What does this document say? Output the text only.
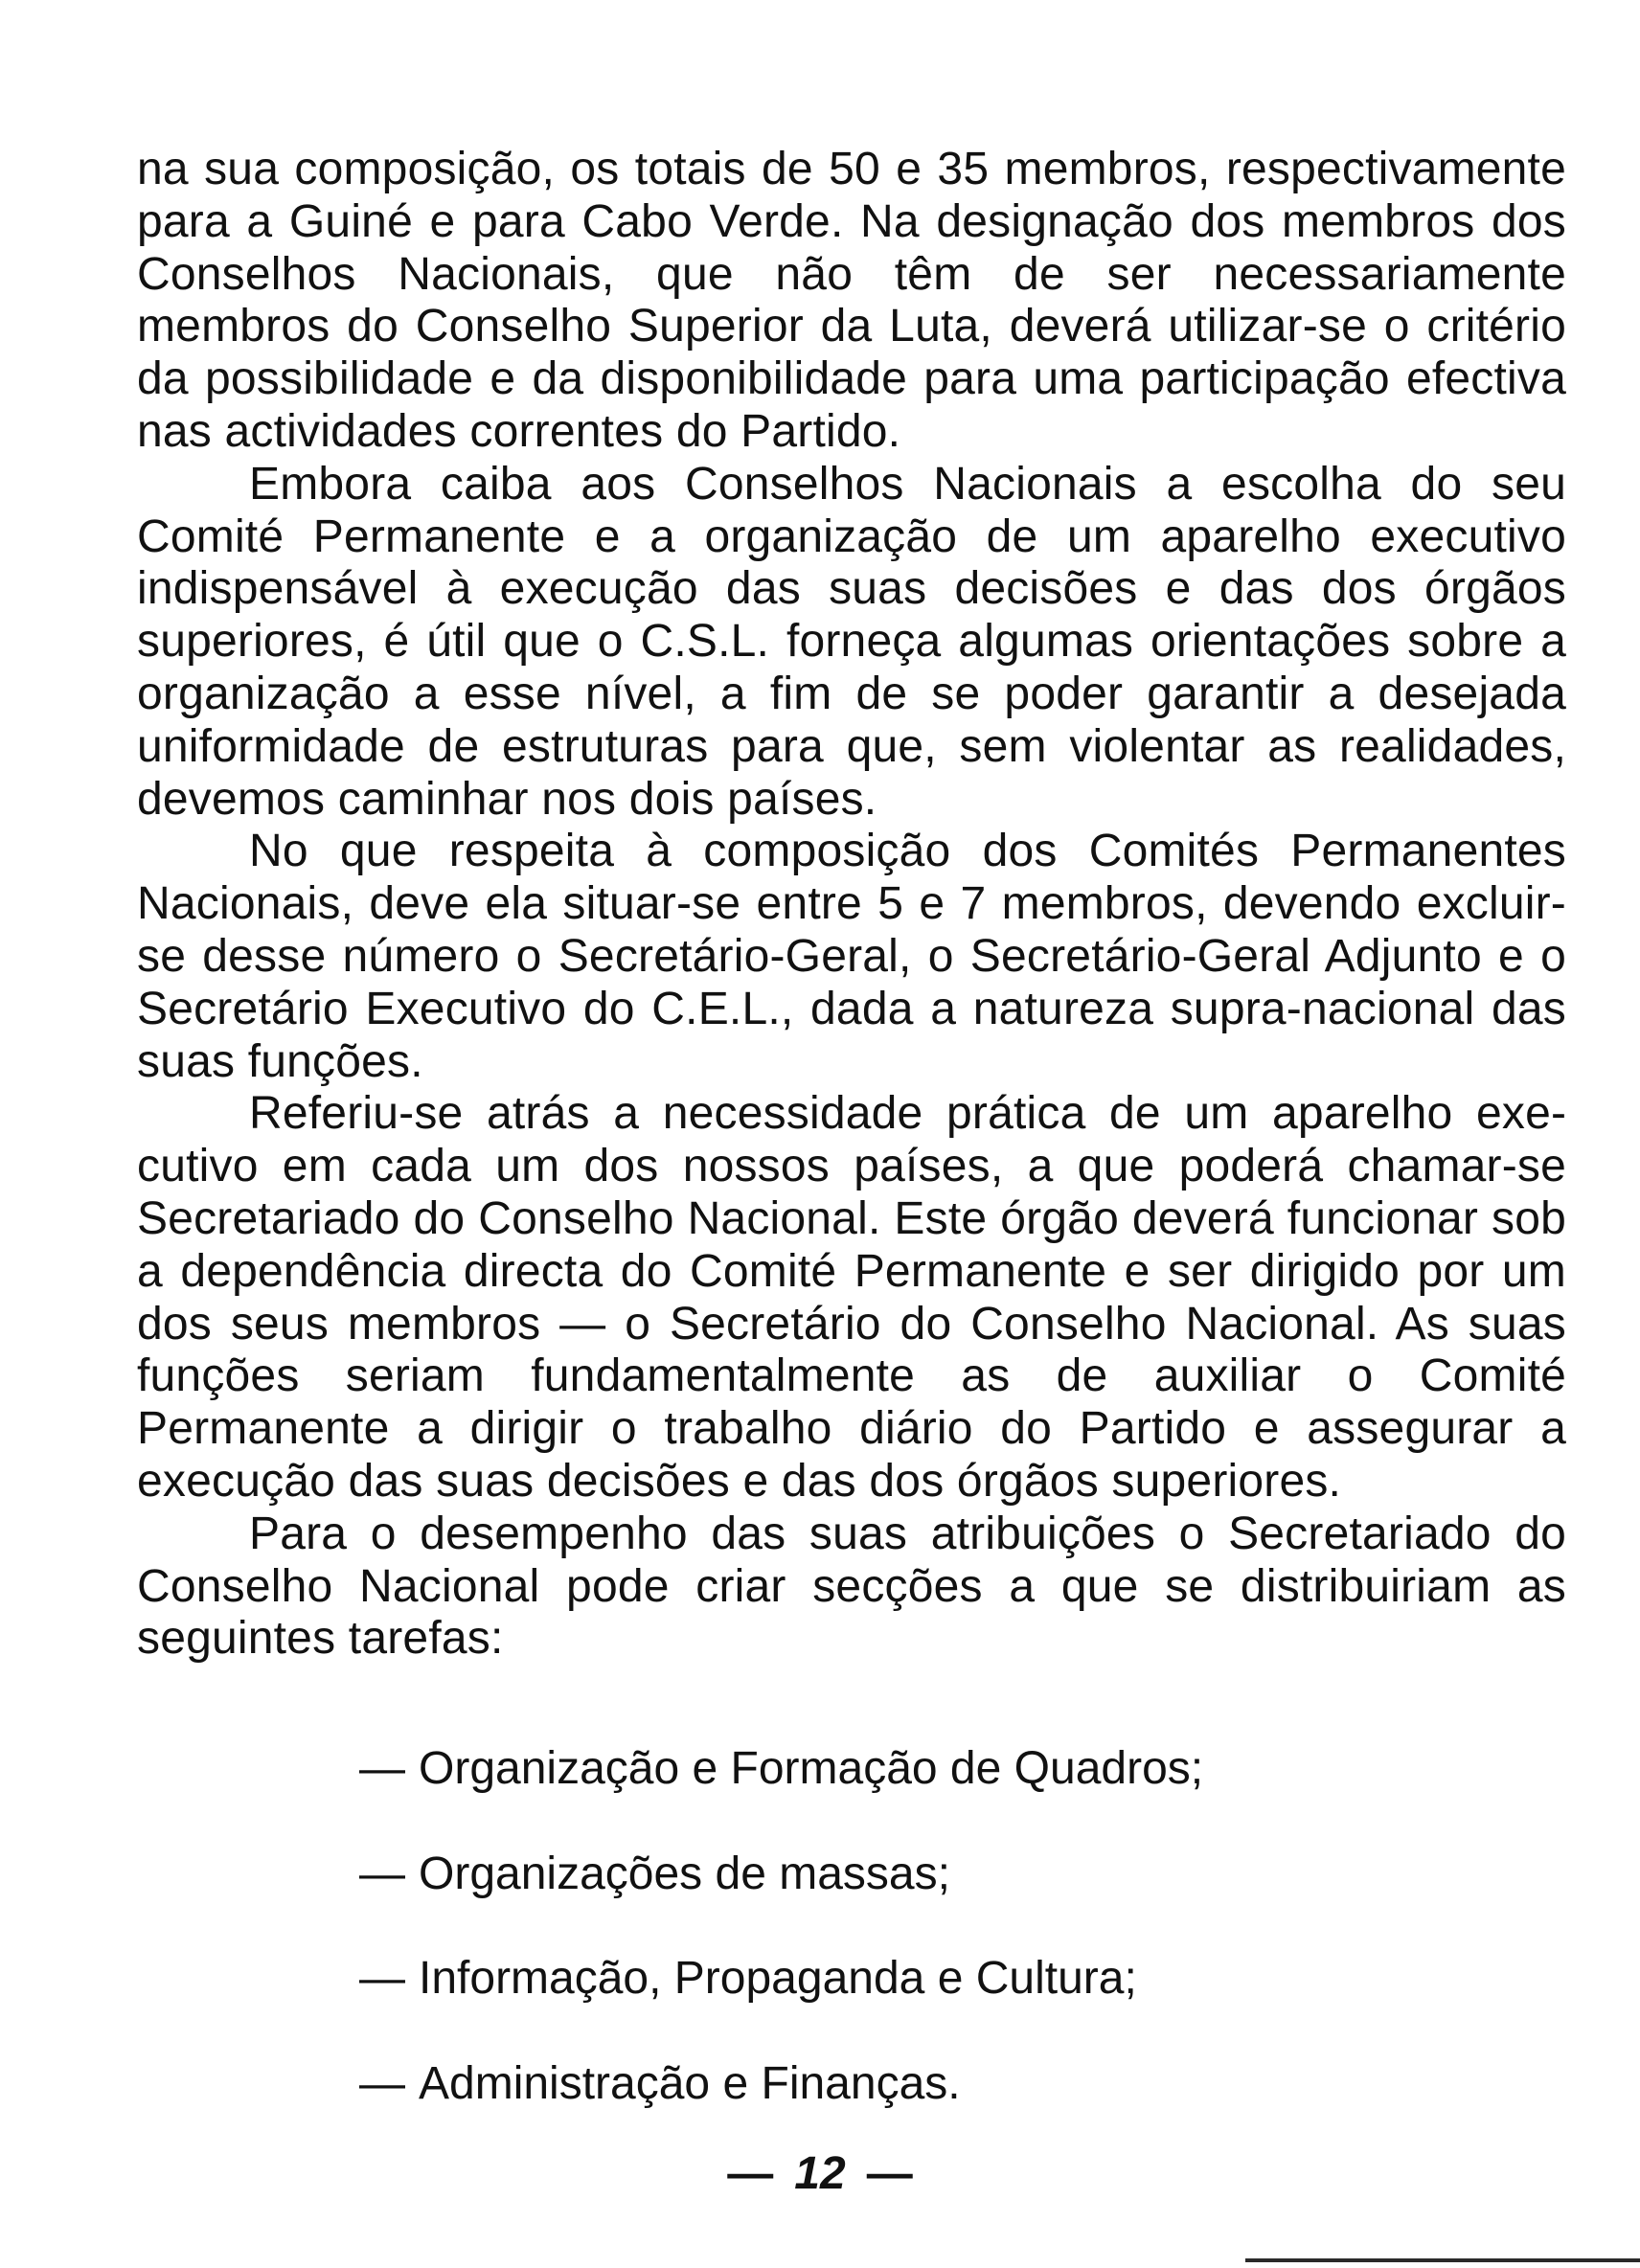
na sua composição, os totais de 50 e 35 membros, respectivamente para a Guiné e para Cabo Verde. Na designação dos membros dos Conselhos Nacionais, que não têm de ser necessariamente membros do Conselho Superior da Luta, deverá utilizar-se o critério da possibilidade e da disponibilidade para uma participação efectiva nas actividades correntes do Partido.

Embora caiba aos Conselhos Nacionais a escolha do seu Comité Permanente e a organização de um aparelho executivo indispensável à execução das suas decisões e das dos órgãos superiores, é útil que o C.S.L. forneça algumas orientações sobre a organização a esse nível, a fim de se poder garantir a desejada uniformidade de estruturas para que, sem violentar as realidades, devemos caminhar nos dois países.

No que respeita à composição dos Comités Permanentes Nacionais, deve ela situar-se entre 5 e 7 membros, devendo excluir-se desse número o Secretário-Geral, o Secretário-Geral Adjunto e o Secretário Executivo do C.E.L., dada a natureza supra-nacional das suas funções.

Referiu-se atrás a necessidade prática de um aparelho executivo em cada um dos nossos países, a que poderá chamar-se Secretariado do Conselho Nacional. Este órgão deverá funcionar sob a dependência directa do Comité Permanente e ser dirigido por um dos seus membros — o Secretário do Conselho Nacional. As suas funções seriam fundamentalmente as de auxiliar o Comité Permanente a dirigir o trabalho diário do Partido e assegurar a execução das suas decisões e das dos órgãos superiores.

Para o desempenho das suas atribuições o Secretariado do Conselho Nacional pode criar secções a que se distribuiriam as seguintes tarefas:

— Organização e Formação de Quadros;
— Organizações de massas;
— Informação, Propaganda e Cultura;
— Administração e Finanças.
— 12 —
